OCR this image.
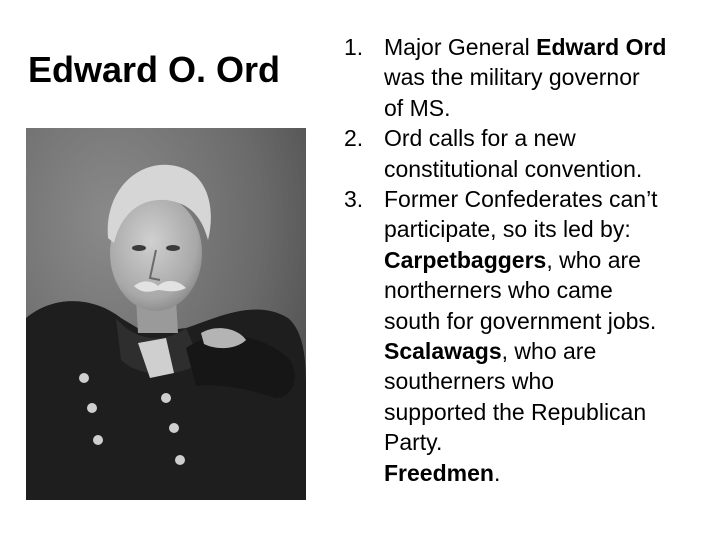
Edward O. Ord
1. Major General Edward Ord
was the military governor
of MS.
2. Ord calls for a new
constitutional convention.
3. Former Confederates can’t
participate, so its led by:
Carpetbaggers, who are
northerners who came
south for government jobs.
Scalawags, who are
southerners who
supported the Republican
Party.
Freedmen.
